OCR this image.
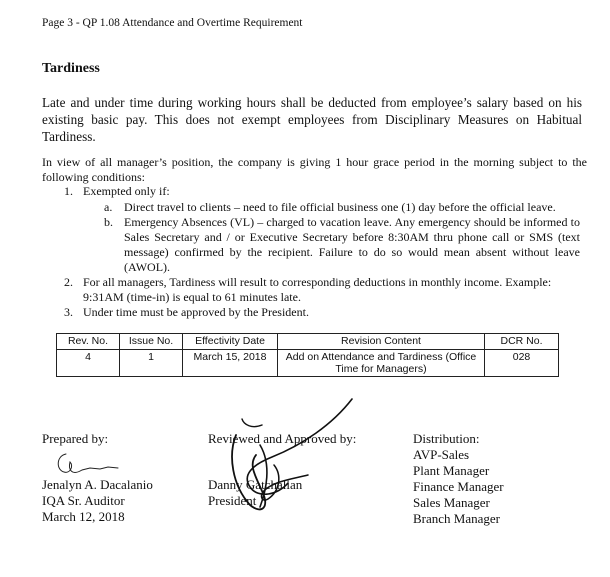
Page 3 - QP 1.08 Attendance and Overtime Requirement
Tardiness
Late and under time during working hours shall be deducted from employee’s salary based on his existing basic pay. This does not exempt employees from Disciplinary Measures on Habitual Tardiness.
In view of all manager’s position, the company is giving 1 hour grace period in the morning subject to the following conditions:
1. Exempted only if:
a. Direct travel to clients – need to file official business one (1) day before the official leave.
b. Emergency Absences (VL) – charged to vacation leave. Any emergency should be informed to Sales Secretary and / or Executive Secretary before 8:30AM thru phone call or SMS (text message) confirmed by the recipient. Failure to do so would mean absent without leave (AWOL).
2. For all managers, Tardiness will result to corresponding deductions in monthly income. Example: 9:31AM (time-in) is equal to 61 minutes late.
3. Under time must be approved by the President.
Rev. No.	Issue No.	Effectivity Date	Revision Content	DCR No.
4	1	March 15, 2018	Add on Attendance and Tardiness (Office Time for Managers)	028
Prepared by:
Jenalyn A. Dacalanio
IQA Sr. Auditor
March 12, 2018
Reviewed and Approved by:
Danny Gatchalian
President
Distribution:
AVP-Sales
Plant Manager
Finance Manager
Sales Manager
Branch Manager
